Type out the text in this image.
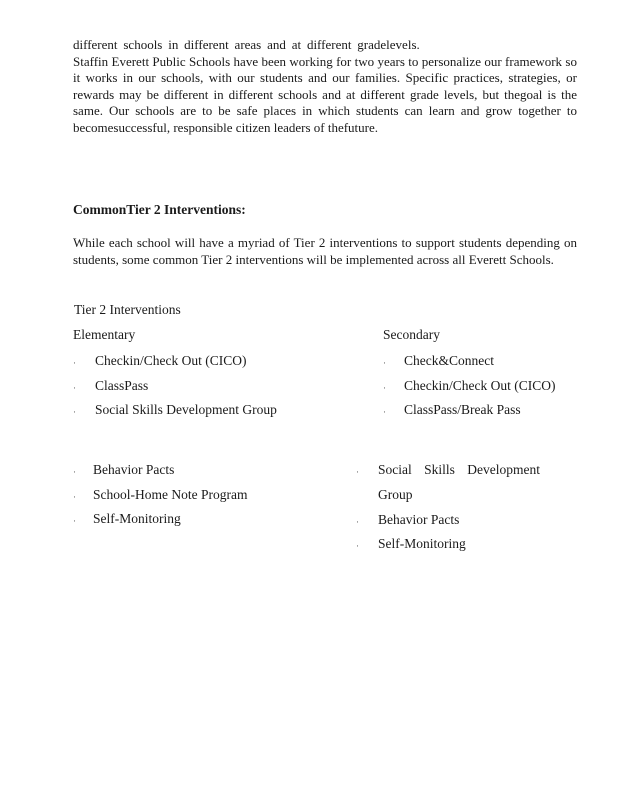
different schools in different areas and at different gradelevels.
Staffin Everett Public Schools have been working for two years to personalize our framework so it works in our schools, with our students and our families. Specific practices, strategies, or rewards may be different in different schools and at different grade levels, but thegoal is the same. Our schools are to be safe places in which students can learn and grow together to becomesuccessful, responsible citizen leaders of thefuture.

CommonTier 2 Interventions:

While each school will have a myriad of Tier 2 interventions to support students depending on students, some common Tier 2 interventions will be implemented across all Everett Schools.

Tier 2 Interventions

Elementary	Secondary

· Checkin/Check Out (CICO)
· ClassPass
· Social Skills Development Group
· Check&Connect
· Checkin/Check Out (CICO)
· ClassPass/Break Pass
· Behavior Pacts
· School-Home Note Program
· Self-Monitoring
· Social Skills Development Group
· Behavior Pacts
· Self-Monitoring
